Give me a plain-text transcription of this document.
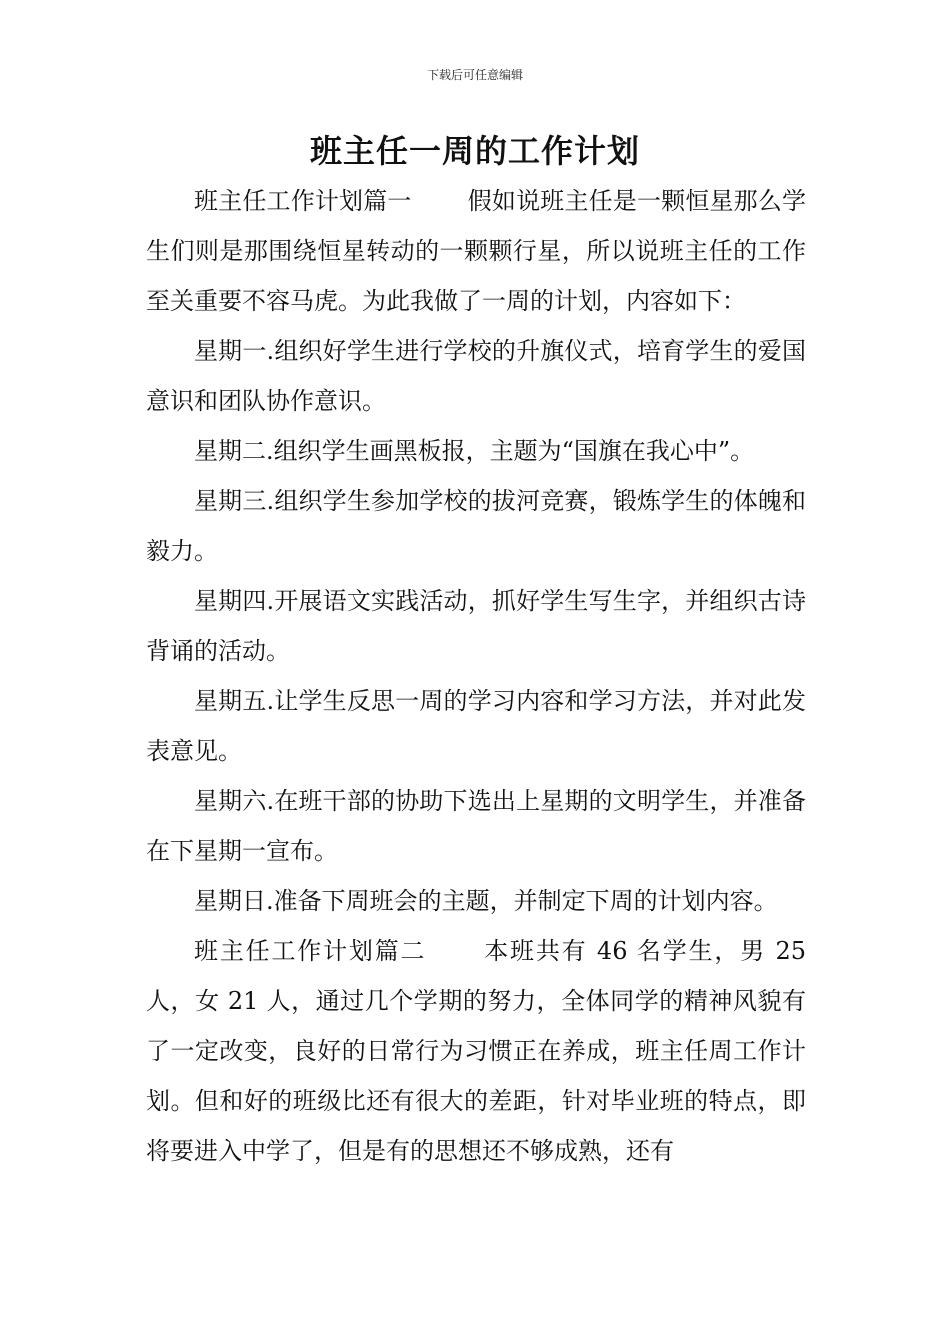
下载后可任意编辑
班主任一周的工作计划

班主任工作计划篇一 假如说班主任是一颗恒星那么学生们则是那围绕恒星转动的一颗颗行星，所以说班主任的工作至关重要不容马虎。为此我做了一周的计划，内容如下：

星期一.组织好学生进行学校的升旗仪式，培育学生的爱国意识和团队协作意识。

星期二.组织学生画黑板报，主题为“国旗在我心中”。

星期三.组织学生参加学校的拔河竞赛，锻炼学生的体魄和毅力。

星期四.开展语文实践活动，抓好学生写生字，并组织古诗背诵的活动。

星期五.让学生反思一周的学习内容和学习方法，并对此发表意见。

星期六.在班干部的协助下选出上星期的文明学生，并准备在下星期一宣布。

星期日.准备下周班会的主题，并制定下周的计划内容。

班主任工作计划篇二 本班共有 46 名学生，男 25 人，女 21 人，通过几个学期的努力，全体同学的精神风貌有了一定改变，良好的日常行为习惯正在养成，班主任周工作计划。但和好的班级比还有很大的差距，针对毕业班的特点，即将要进入中学了，但是有的思想还不够成熟，还有
